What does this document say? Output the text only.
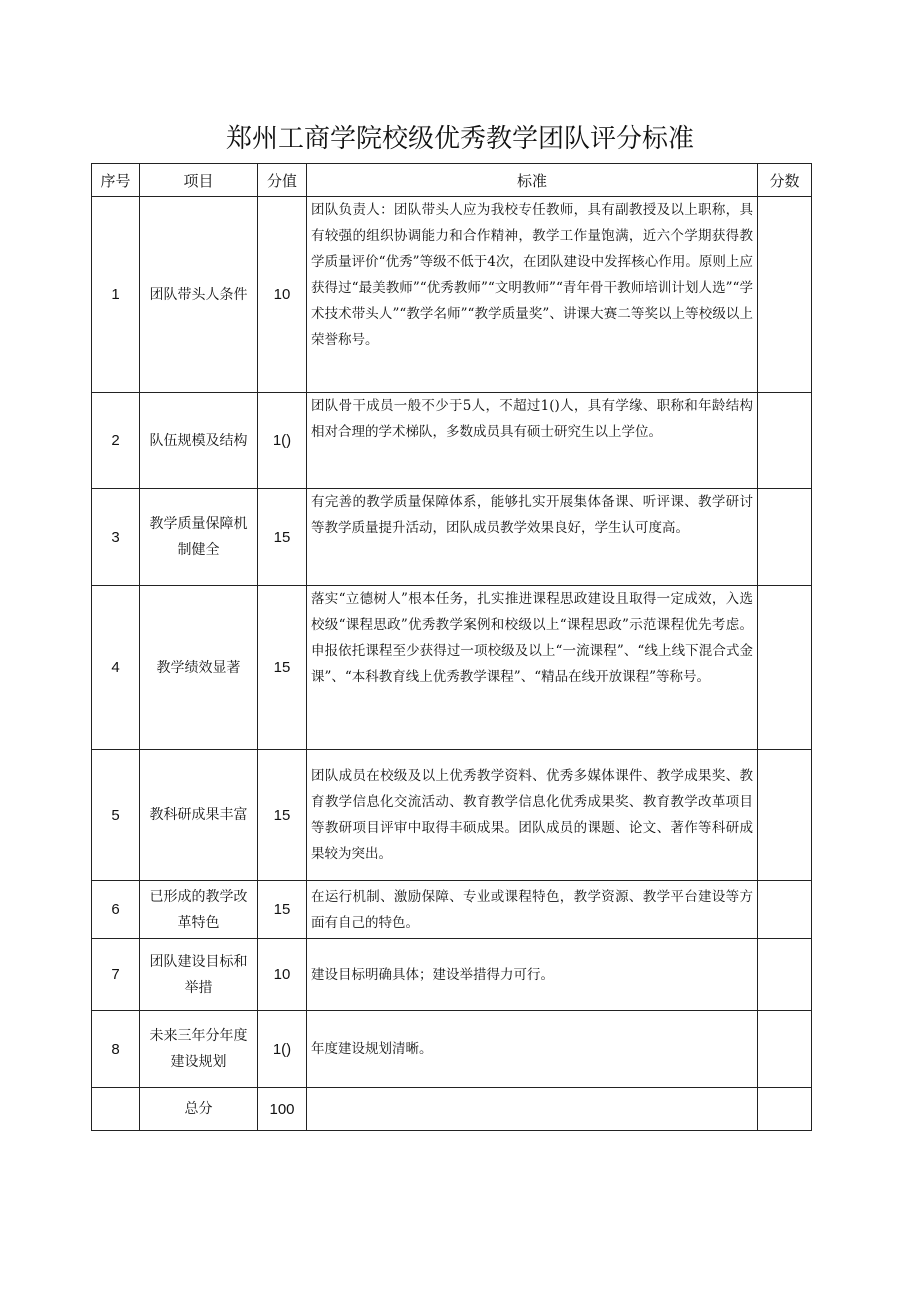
郑州工商学院校级优秀教学团队评分标准
序号	项目	分值	标准	分数
1	团队带头人条件	10	团队负责人：团队带头人应为我校专任教师，具有副教授及以上职称，具有较强的组织协调能力和合作精神，教学工作量饱满，近六个学期获得教学质量评价“优秀”等级不低于4次，在团队建设中发挥核心作用。原则上应获得过“最美教师”“优秀教师”“文明教师”“青年骨干教师培训计划人选”“学术技术带头人”“教学名师”“教学质量奖”、讲课大赛二等奖以上等校级以上荣誉称号。	
2	队伍规模及结构	1()	团队骨干成员一般不少于5人，不超过1()人，具有学缘、职称和年龄结构相对合理的学术梯队，多数成员具有硕士研究生以上学位。	
3	教学质量保障机制健全	15	有完善的教学质量保障体系，能够扎实开展集体备课、听评课、教学研讨等教学质量提升活动，团队成员教学效果良好，学生认可度高。	
4	教学绩效显著	15	落实“立德树人”根本任务，扎实推进课程思政建设且取得一定成效，入选校级“课程思政”优秀教学案例和校级以上“课程思政”示范课程优先考虑。申报依托课程至少获得过一项校级及以上“一流课程”、“线上线下混合式金课”、“本科教育线上优秀教学课程”、“精品在线开放课程”等称号。	
5	教科研成果丰富	15	团队成员在校级及以上优秀教学资料、优秀多媒体课件、教学成果奖、教育教学信息化交流活动、教育教学信息化优秀成果奖、教育教学改革项目等教研项目评审中取得丰硕成果。团队成员的课题、论文、著作等科研成果较为突出。	
6	已形成的教学改革特色	15	在运行机制、激励保障、专业或课程特色，教学资源、教学平台建设等方面有自己的特色。	
7	团队建设目标和举措	10	建设目标明确具体；建设举措得力可行。	
8	未来三年分年度建设规划	1()	年度建设规划清晰。	
	总分	100		
